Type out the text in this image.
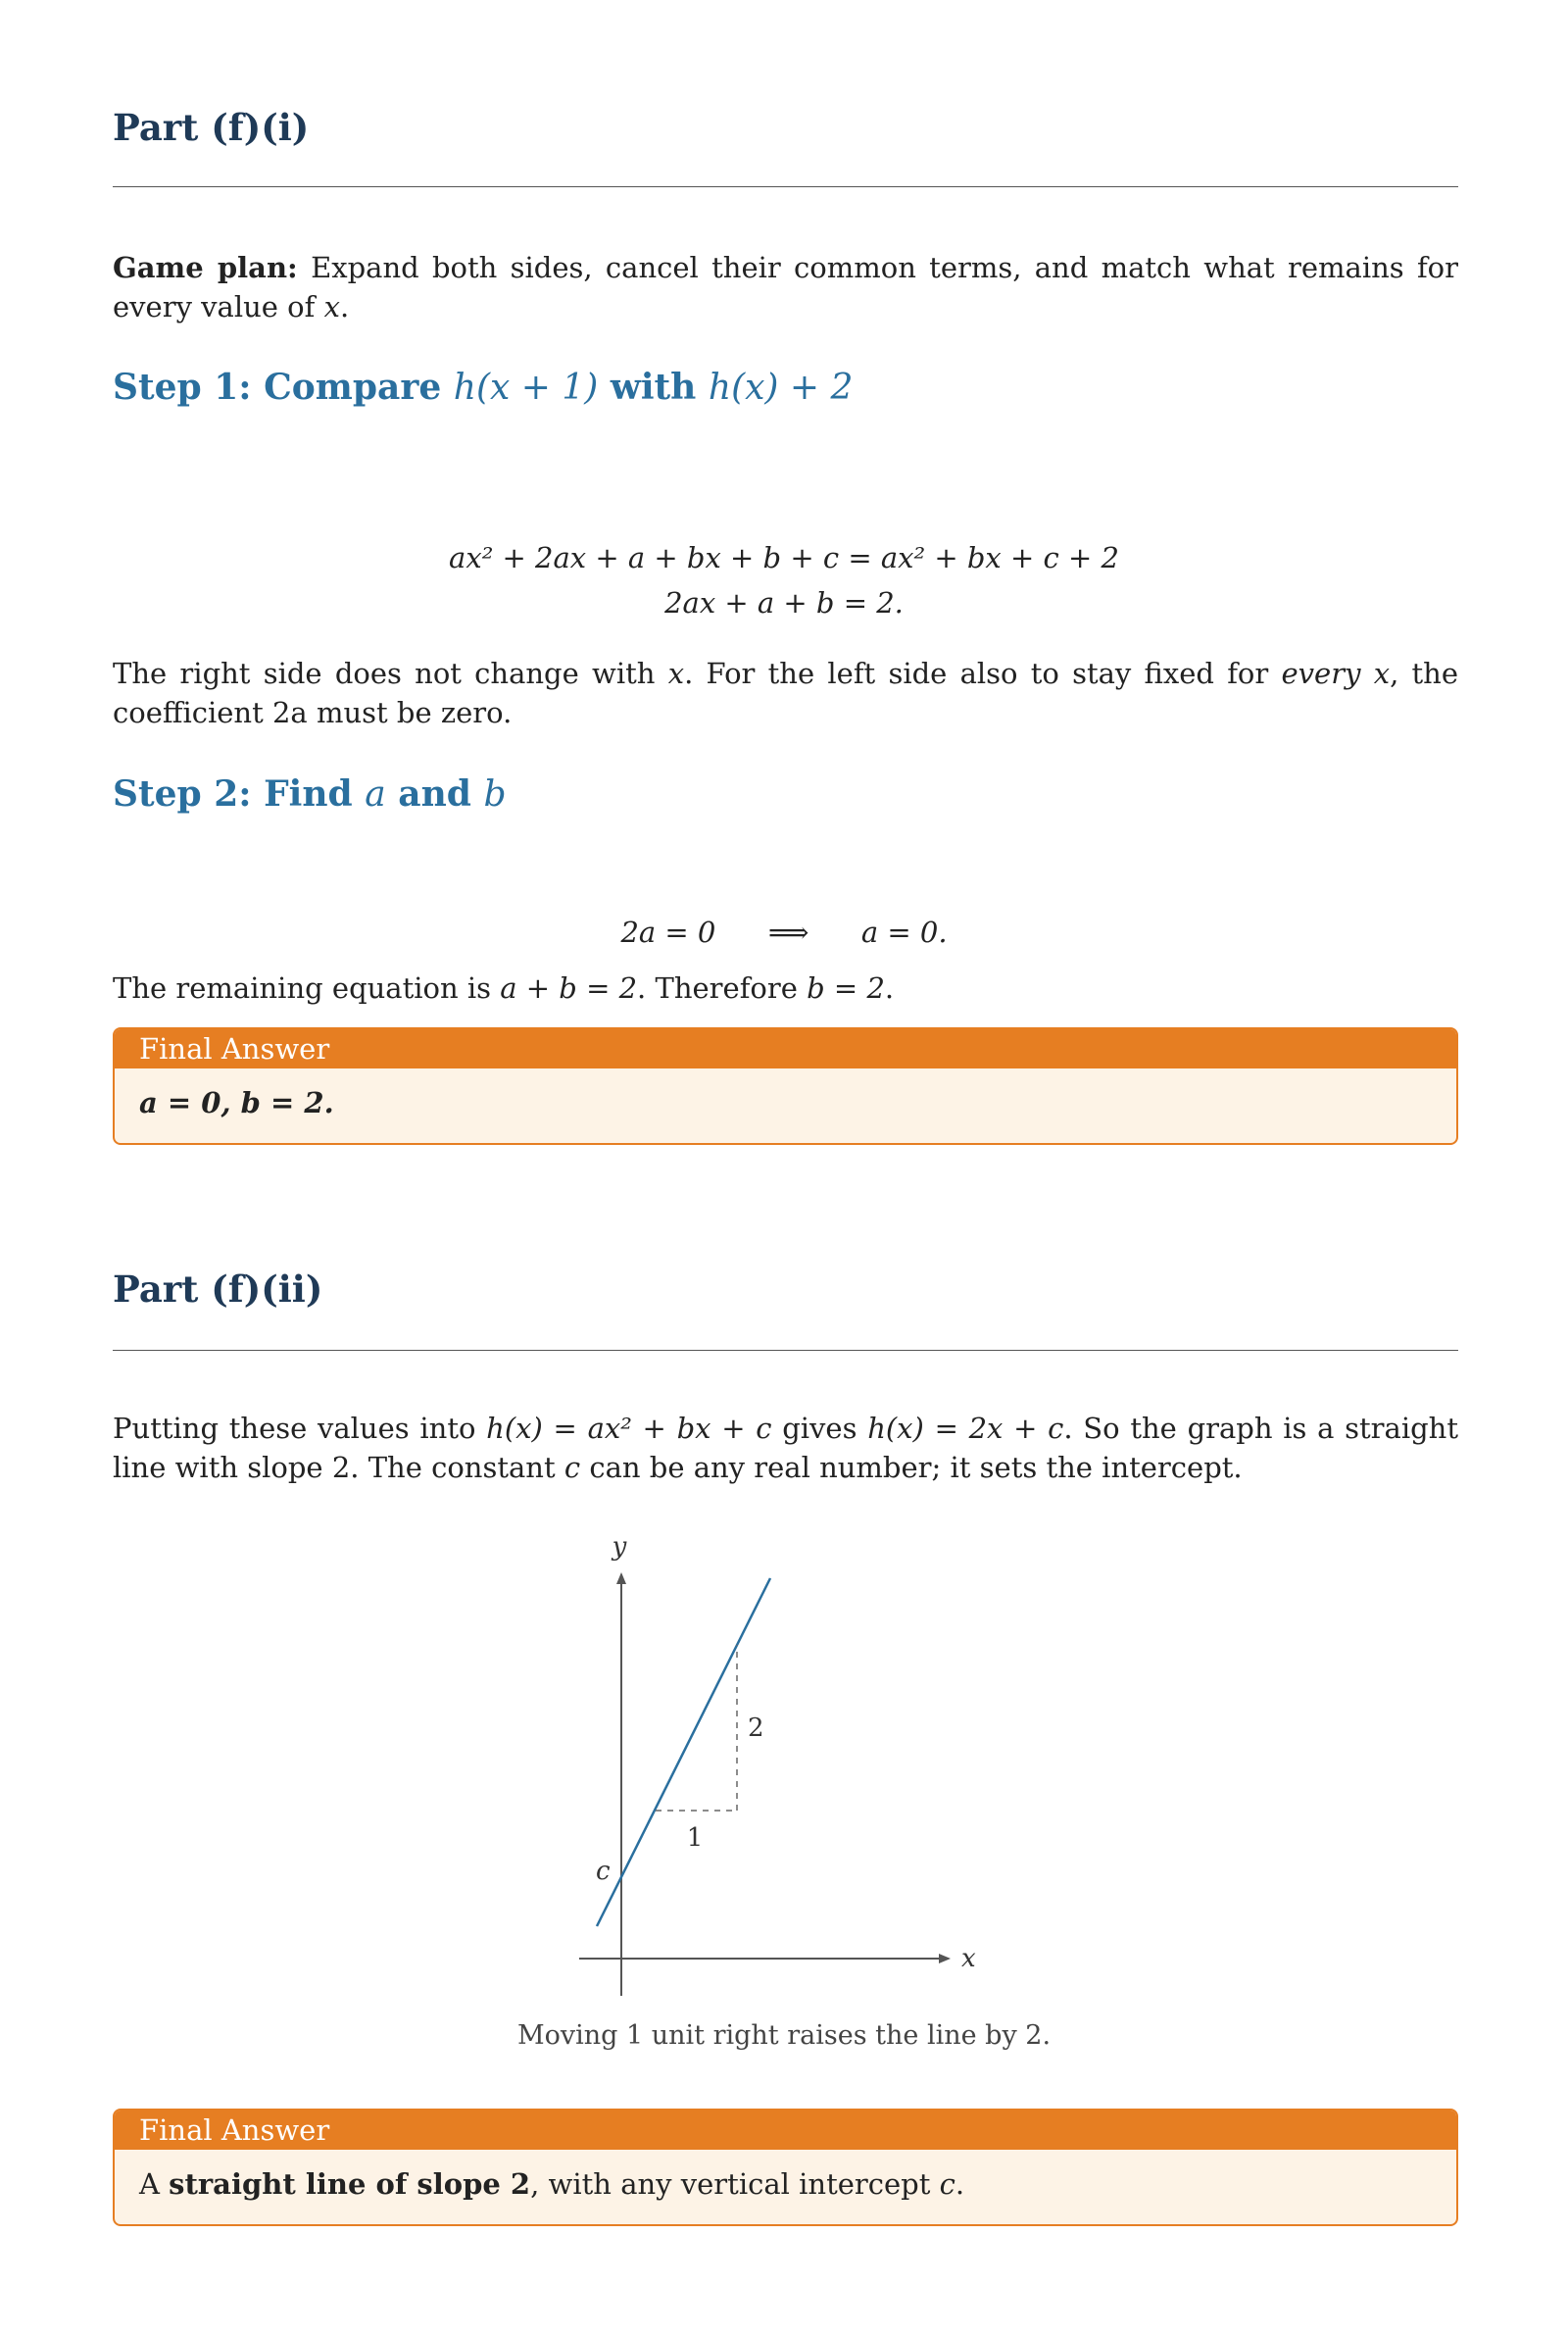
Part (f)(i)

Game plan: Expand both sides, cancel their common terms, and match what remains for every value of x.

Step 1: Compare h(x + 1) with h(x) + 2
ax² + 2ax + a + bx + b + c = ax² + bx + c + 2
2ax + a + b = 2.

The right side does not change with x. For the left side also to stay fixed for every x, the coefficient 2a must be zero.

Step 2: Find a and b
2a = 0 ⟹ a = 0.

The remaining equation is a + b = 2. Therefore b = 2.

Final Answer
a = 0, b = 2.
Part (f)(ii)

Putting these values into h(x) = ax² + bx + c gives h(x) = 2x + c. So the graph is a straight line with slope 2. The constant c can be any real number; it sets the intercept.

y
x
c
1
2
Moving 1 unit right raises the line by 2.
Final Answer
A straight line of slope 2, with any vertical intercept c.
